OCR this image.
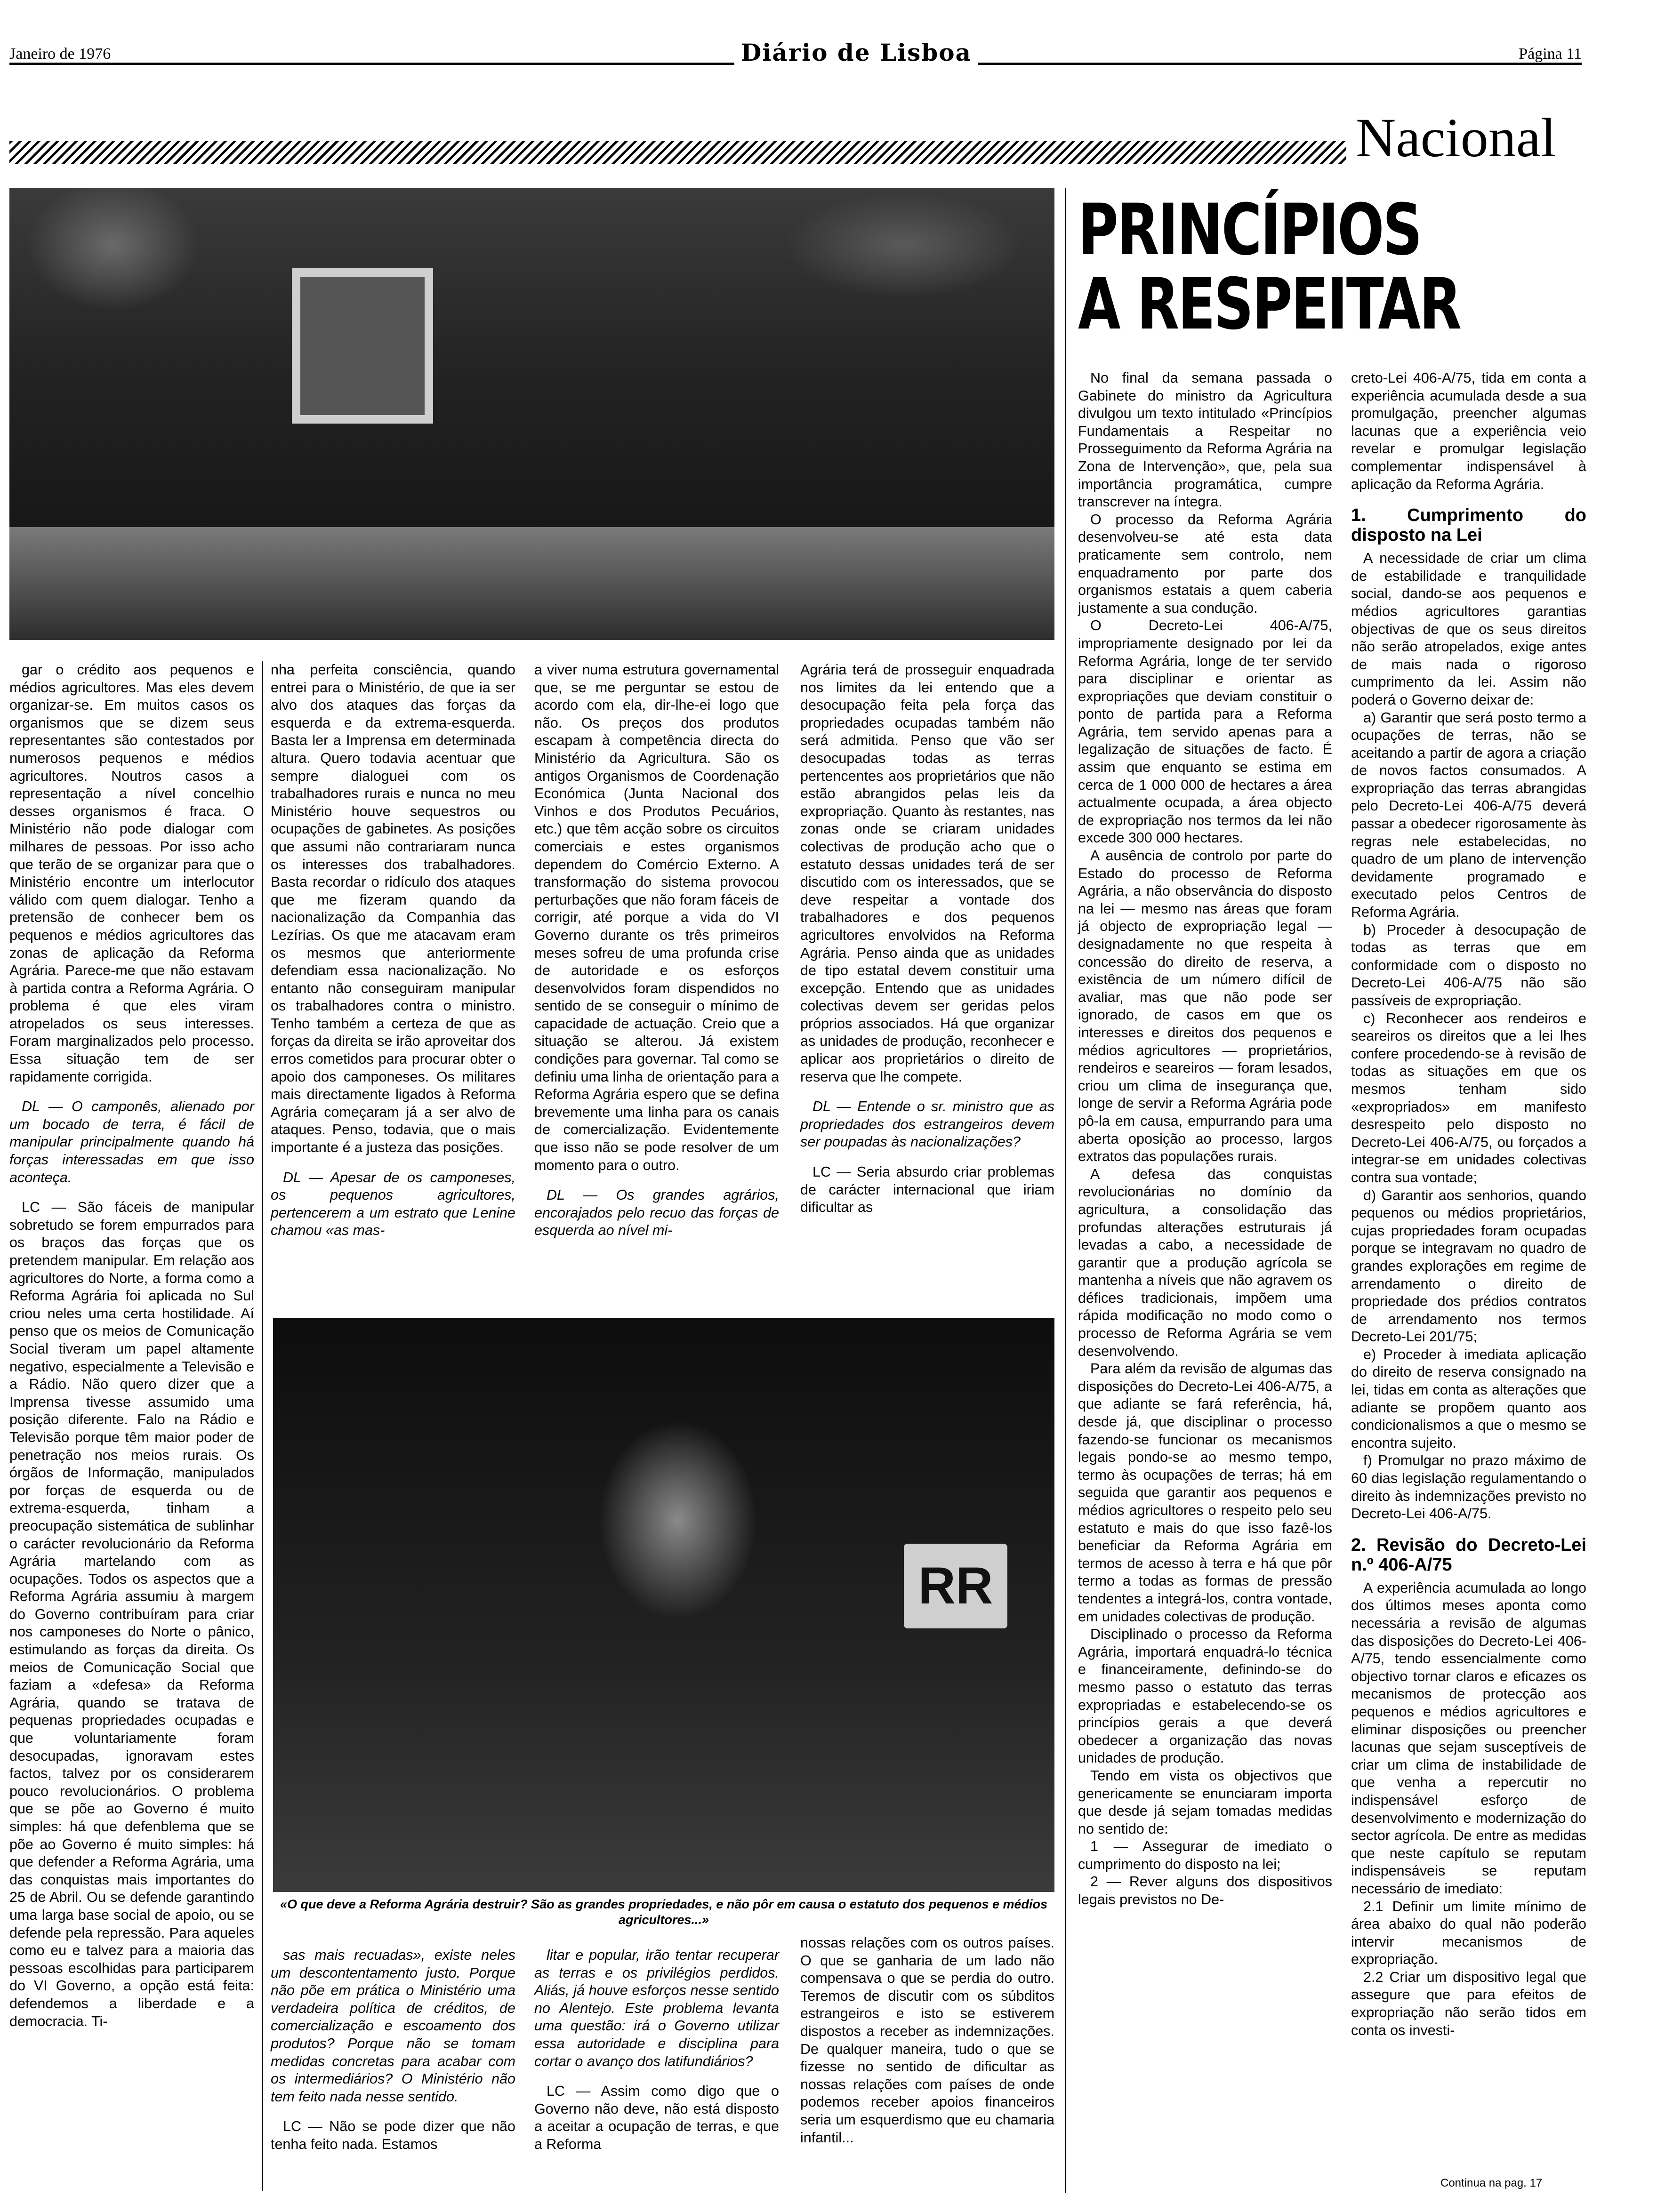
Janeiro de 1976	Diário de Lisboa	Página 11
Nacional
PRINCÍPIOS A RESPEITAR

gar o crédito aos pequenos e médios agricultores. Mas eles devem organizar-se. Em muitos casos os organismos que se dizem seus representantes são contestados por numerosos pequenos e médios agricultores. Noutros casos a representação a nível concelhio desses organismos é fraca. O Ministério não pode dialogar com milhares de pessoas. Por isso acho que terão de se organizar para que o Ministério encontre um interlocutor válido com quem dialogar. Tenho a pretensão de conhecer bem os pequenos e médios agricultores das zonas de aplicação da Reforma Agrária. Parece-me que não estavam à partida contra a Reforma Agrária. O problema é que eles viram atropelados os seus interesses. Foram marginalizados pelo processo. Essa situação tem de ser rapidamente corrigida.

DL — O camponês, alienado por um bocado de terra, é fácil de manipular principalmente quando há forças interessadas em que isso aconteça.

LC — São fáceis de manipular sobretudo se forem empurrados para os braços das forças que os pretendem manipular. Em relação aos agricultores do Norte, a forma como a Reforma Agrária foi aplicada no Sul criou neles uma certa hostilidade. Aí penso que os meios de Comunicação Social tiveram um papel altamente negativo, especialmente a Televisão e a Rádio. Não quero dizer que a Imprensa tivesse assumido uma posição diferente. Falo na Rádio e Televisão porque têm maior poder de penetração nos meios rurais. Os órgãos de Informação, manipulados por forças de esquerda ou de extrema-esquerda, tinham a preocupação sistemática de sublinhar o carácter revolucionário da Reforma Agrária martelando com as ocupações. Todos os aspectos que a Reforma Agrária assumiu à margem do Governo contribuíram para criar nos camponeses do Norte o pânico, estimulando as forças da direita. Os meios de Comunicação Social que faziam a «defesa» da Reforma Agrária, quando se tratava de pequenas propriedades ocupadas e que voluntariamente foram desocupadas, ignoravam estes factos, talvez por os considerarem pouco revolucionários. O problema que se põe ao Governo é muito simples: há que defenblema que se põe ao Governo é muito simples: há que defender a Reforma Agrária, uma das conquistas mais importantes do 25 de Abril. Ou se defende garantindo uma larga base social de apoio, ou se defende pela repressão. Para aqueles como eu e talvez para a maioria das pessoas escolhidas para participarem do VI Governo, a opção está feita: defendemos a liberdade e a democracia. Ti-

nha perfeita consciência, quando entrei para o Ministério, de que ia ser alvo dos ataques das forças da esquerda e da extrema-esquerda. Basta ler a Imprensa em determinada altura. Quero todavia acentuar que sempre dialoguei com os trabalhadores rurais e nunca no meu Ministério houve sequestros ou ocupações de gabinetes. As posições que assumi não contrariaram nunca os interesses dos trabalhadores. Basta recordar o ridículo dos ataques que me fizeram quando da nacionalização da Companhia das Lezírias. Os que me atacavam eram os mesmos que anteriormente defendiam essa nacionalização. No entanto não conseguiram manipular os trabalhadores contra o ministro. Tenho também a certeza de que as forças da direita se irão aproveitar dos erros cometidos para procurar obter o apoio dos camponeses. Os militares mais directamente ligados à Reforma Agrária começaram já a ser alvo de ataques. Penso, todavia, que o mais importante é a justeza das posições.

DL — Apesar de os camponeses, os pequenos agricultores, pertencerem a um estrato que Lenine chamou «as mas-

a viver numa estrutura governamental que, se me perguntar se estou de acordo com ela, dir-lhe-ei logo que não. Os preços dos produtos escapam à competência directa do Ministério da Agricultura. São os antigos Organismos de Coordenação Económica (Junta Nacional dos Vinhos e dos Produtos Pecuários, etc.) que têm acção sobre os circuitos comerciais e estes organismos dependem do Comércio Externo. A transformação do sistema provocou perturbações que não foram fáceis de corrigir, até porque a vida do VI Governo durante os três primeiros meses sofreu de uma profunda crise de autoridade e os esforços desenvolvidos foram dispendidos no sentido de se conseguir o mínimo de capacidade de actuação. Creio que a situação se alterou. Já existem condições para governar. Tal como se definiu uma linha de orientação para a Reforma Agrária espero que se defina brevemente uma linha para os canais de comercialização. Evidentemente que isso não se pode resolver de um momento para o outro.

DL — Os grandes agrários, encorajados pelo recuo das forças de esquerda ao nível mi-

Agrária terá de prosseguir enquadrada nos limites da lei entendo que a desocupação feita pela força das propriedades ocupadas também não será admitida. Penso que vão ser desocupadas todas as terras pertencentes aos proprietários que não estão abrangidos pelas leis da expropriação. Quanto às restantes, nas zonas onde se criaram unidades colectivas de produção acho que o estatuto dessas unidades terá de ser discutido com os interessados, que se deve respeitar a vontade dos trabalhadores e dos pequenos agricultores envolvidos na Reforma Agrária. Penso ainda que as unidades de tipo estatal devem constituir uma excepção. Entendo que as unidades colectivas devem ser geridas pelos próprios associados. Há que organizar as unidades de produção, reconhecer e aplicar aos proprietários o direito de reserva que lhe compete.

DL — Entende o sr. ministro que as propriedades dos estrangeiros devem ser poupadas às nacionalizações?

LC — Seria absurdo criar problemas de carácter internacional que iriam dificultar as

RR
«O que deve a Reforma Agrária destruir? São as grandes propriedades, e não pôr em causa o estatuto dos pequenos e médios agricultores...»

sas mais recuadas», existe neles um descontentamento justo. Porque não põe em prática o Ministério uma verdadeira política de créditos, de comercialização e escoamento dos produtos? Porque não se tomam medidas concretas para acabar com os intermediários? O Ministério não tem feito nada nesse sentido.

LC — Não se pode dizer que não tenha feito nada. Estamos

litar e popular, irão tentar recuperar as terras e os privilégios perdidos. Aliás, já houve esforços nesse sentido no Alentejo. Este problema levanta uma questão: irá o Governo utilizar essa autoridade e disciplina para cortar o avanço dos latifundiários?

LC — Assim como digo que o Governo não deve, não está disposto a aceitar a ocupação de terras, e que a Reforma

nossas relações com os outros países. O que se ganharia de um lado não compensava o que se perdia do outro. Teremos de discutir com os súbditos estrangeiros e isto se estiverem dispostos a receber as indemnizações. De qualquer maneira, tudo o que se fizesse no sentido de dificultar as nossas relações com países de onde podemos receber apoios financeiros seria um esquerdismo que eu chamaria infantil...

No final da semana passada o Gabinete do ministro da Agricultura divulgou um texto intitulado «Princípios Fundamentais a Respeitar no Prosseguimento da Reforma Agrária na Zona de Intervenção», que, pela sua importância programática, cumpre transcrever na íntegra.

O processo da Reforma Agrária desenvolveu-se até esta data praticamente sem controlo, nem enquadramento por parte dos organismos estatais a quem caberia justamente a sua condução.

O Decreto-Lei 406-A/75, impropriamente designado por lei da Reforma Agrária, longe de ter servido para disciplinar e orientar as expropriações que deviam constituir o ponto de partida para a Reforma Agrária, tem servido apenas para a legalização de situações de facto. É assim que enquanto se estima em cerca de 1 000 000 de hectares a área actualmente ocupada, a área objecto de expropriação nos termos da lei não excede 300 000 hectares.

A ausência de controlo por parte do Estado do processo de Reforma Agrária, a não observância do disposto na lei — mesmo nas áreas que foram já objecto de expropriação legal — designadamente no que respeita à concessão do direito de reserva, a existência de um número difícil de avaliar, mas que não pode ser ignorado, de casos em que os interesses e direitos dos pequenos e médios agricultores — proprietários, rendeiros e seareiros — foram lesados, criou um clima de insegurança que, longe de servir a Reforma Agrária pode pô-la em causa, empurrando para uma aberta oposição ao processo, largos extratos das populações rurais.

A defesa das conquistas revolucionárias no domínio da agricultura, a consolidação das profundas alterações estruturais já levadas a cabo, a necessidade de garantir que a produção agrícola se mantenha a níveis que não agravem os défices tradicionais, impõem uma rápida modificação no modo como o processo de Reforma Agrária se vem desenvolvendo.

Para além da revisão de algumas das disposições do Decreto-Lei 406-A/75, a que adiante se fará referência, há, desde já, que disciplinar o processo fazendo-se funcionar os mecanismos legais pondo-se ao mesmo tempo, termo às ocupações de terras; há em seguida que garantir aos pequenos e médios agricultores o respeito pelo seu estatuto e mais do que isso fazê-los beneficiar da Reforma Agrária em termos de acesso à terra e há que pôr termo a todas as formas de pressão tendentes a integrá-los, contra vontade, em unidades colectivas de produção.

Disciplinado o processo da Reforma Agrária, importará enquadrá-lo técnica e financeiramente, definindo-se do mesmo passo o estatuto das terras expropriadas e estabelecendo-se os princípios gerais a que deverá obedecer a organização das novas unidades de produção.

Tendo em vista os objectivos que genericamente se enunciaram importa que desde já sejam tomadas medidas no sentido de:

1 — Assegurar de imediato o cumprimento do disposto na lei;

2 — Rever alguns dos dispositivos legais previstos no De-

creto-Lei 406-A/75, tida em conta a experiência acumulada desde a sua promulgação, preencher algumas lacunas que a experiência veio revelar e promulgar legislação complementar indispensável à aplicação da Reforma Agrária.

1. Cumprimento do disposto na Lei

A necessidade de criar um clima de estabilidade e tranquilidade social, dando-se aos pequenos e médios agricultores garantias objectivas de que os seus direitos não serão atropelados, exige antes de mais nada o rigoroso cumprimento da lei. Assim não poderá o Governo deixar de:

a) Garantir que será posto termo a ocupações de terras, não se aceitando a partir de agora a criação de novos factos consumados. A expropriação das terras abrangidas pelo Decreto-Lei 406-A/75 deverá passar a obedecer rigorosamente às regras nele estabelecidas, no quadro de um plano de intervenção devidamente programado e executado pelos Centros de Reforma Agrária.

b) Proceder à desocupação de todas as terras que em conformidade com o disposto no Decreto-Lei 406-A/75 não são passíveis de expropriação.

c) Reconhecer aos rendeiros e seareiros os direitos que a lei lhes confere procedendo-se à revisão de todas as situações em que os mesmos tenham sido «expropriados» em manifesto desrespeito pelo disposto no Decreto-Lei 406-A/75, ou forçados a integrar-se em unidades colectivas contra sua vontade;

d) Garantir aos senhorios, quando pequenos ou médios proprietários, cujas propriedades foram ocupadas porque se integravam no quadro de grandes explorações em regime de arrendamento o direito de propriedade dos prédios contratos de arrendamento nos termos Decreto-Lei 201/75;

e) Proceder à imediata aplicação do direito de reserva consignado na lei, tidas em conta as alterações que adiante se propõem quanto aos condicionalismos a que o mesmo se encontra sujeito.

f) Promulgar no prazo máximo de 60 dias legislação regulamentando o direito às indemnizações previsto no Decreto-Lei 406-A/75.

2. Revisão do Decreto-Lei n.º 406-A/75

A experiência acumulada ao longo dos últimos meses aponta como necessária a revisão de algumas das disposições do Decreto-Lei 406-A/75, tendo essencialmente como objectivo tornar claros e eficazes os mecanismos de protecção aos pequenos e médios agricultores e eliminar disposições ou preencher lacunas que sejam susceptíveis de criar um clima de instabilidade de que venha a repercutir no indispensável esforço de desenvolvimento e modernização do sector agrícola. De entre as medidas que neste capítulo se reputam indispensáveis se reputam necessário de imediato:

2.1 Definir um limite mínimo de área abaixo do qual não poderão intervir mecanismos de expropriação.

2.2 Criar um dispositivo legal que assegure que para efeitos de expropriação não serão tidos em conta os investi-

Continua na pag. 17
